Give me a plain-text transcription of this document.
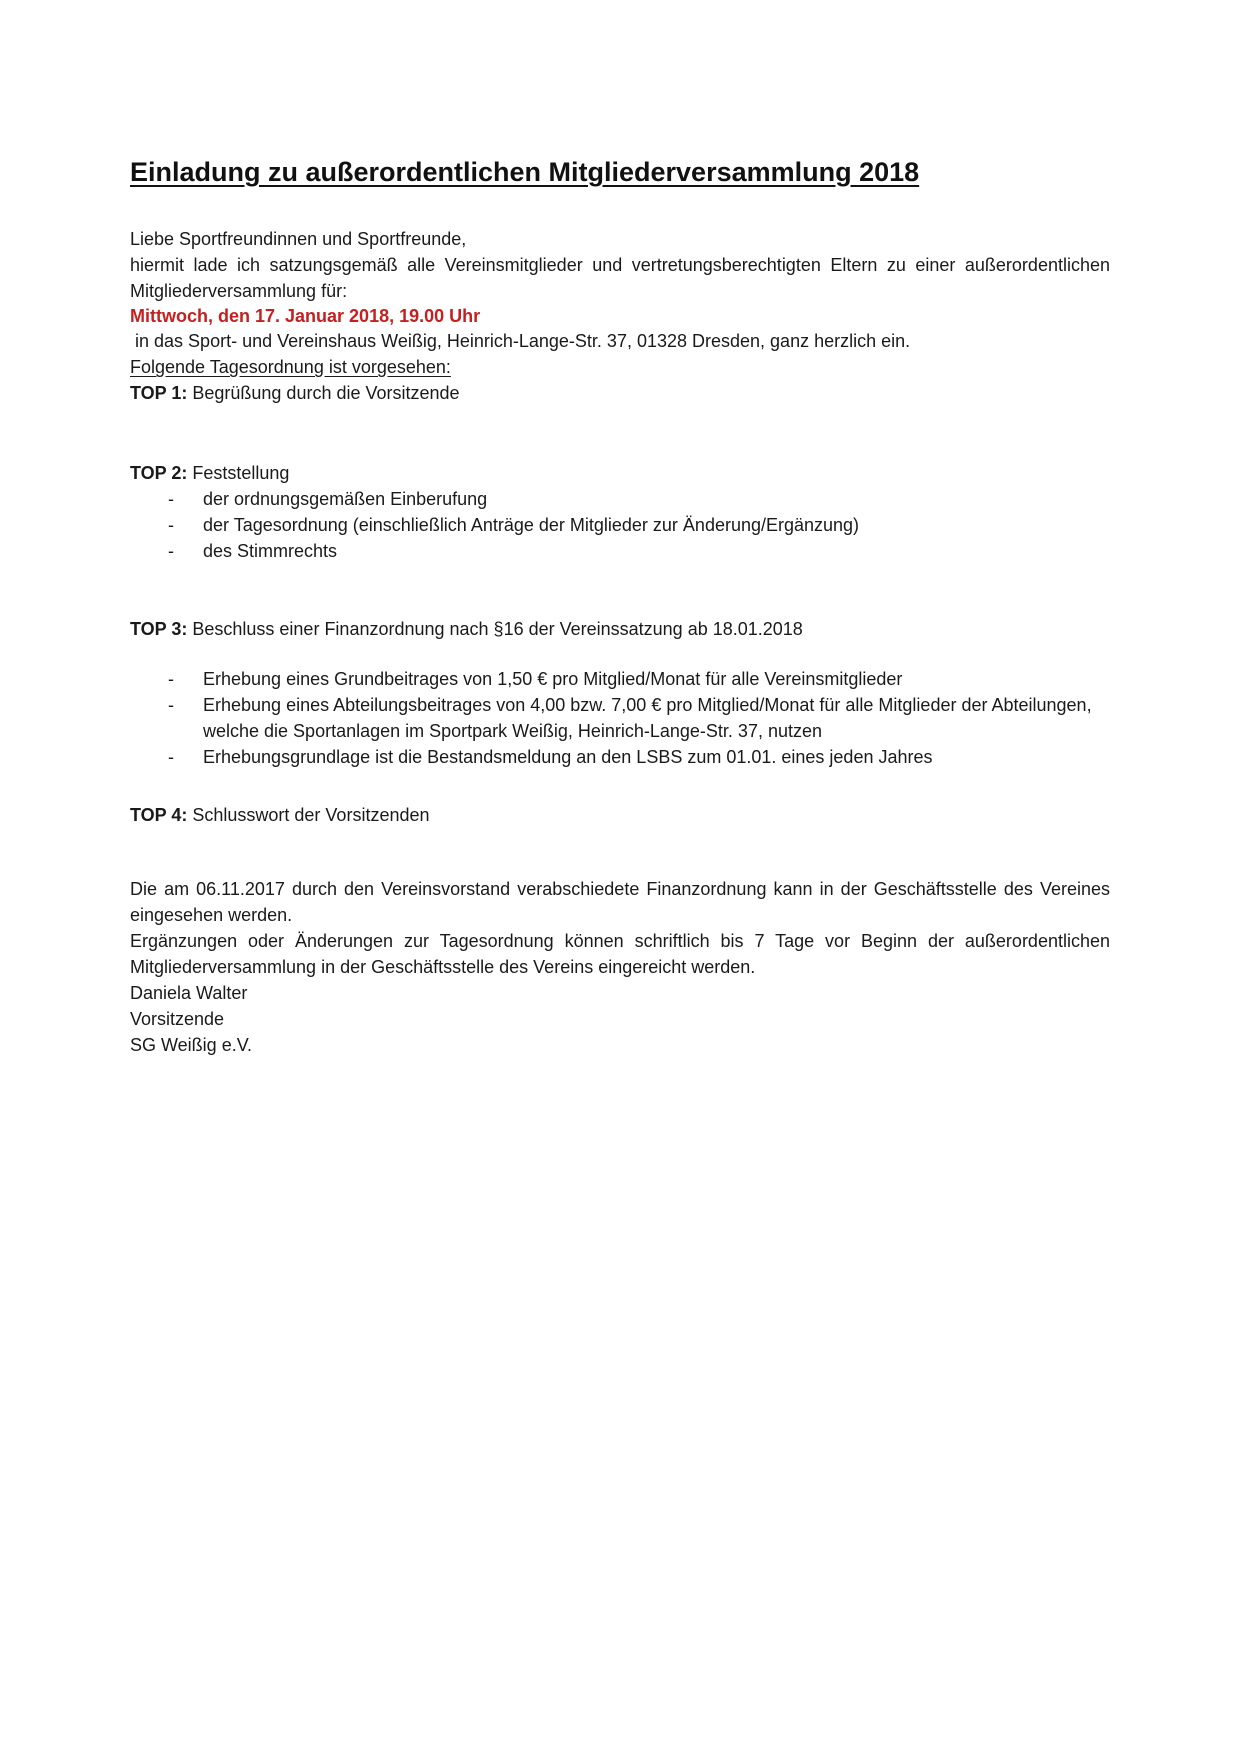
Einladung zu außerordentlichen Mitgliederversammlung 2018

Liebe Sportfreundinnen und Sportfreunde,

hiermit lade ich satzungsgemäß alle Vereinsmitglieder und vertretungsberechtigten Eltern zu einer außerordentlichen Mitgliederversammlung für:

Mittwoch, den 17. Januar 2018, 19.00 Uhr

in das Sport- und Vereinshaus Weißig, Heinrich-Lange-Str. 37, 01328 Dresden, ganz herzlich ein.

Folgende Tagesordnung ist vorgesehen:

TOP 1: Begrüßung durch die Vorsitzende

TOP 2: Feststellung

-	der ordnungsgemäßen Einberufung
-	der Tagesordnung (einschließlich Anträge der Mitglieder zur Änderung/Ergänzung)
-	des Stimmrechts

TOP 3: Beschluss einer Finanzordnung nach §16 der Vereinssatzung ab 18.01.2018

-	Erhebung eines Grundbeitrages von 1,50 € pro Mitglied/Monat für alle Vereinsmitglieder
-	Erhebung eines Abteilungsbeitrages von 4,00 bzw. 7,00 € pro Mitglied/Monat für alle Mitglieder der Abteilungen, welche die Sportanlagen im Sportpark Weißig, Heinrich-Lange-Str. 37, nutzen
-	Erhebungsgrundlage ist die Bestandsmeldung an den LSBS zum 01.01. eines jeden Jahres

TOP 4: Schlusswort der Vorsitzenden

Die am 06.11.2017 durch den Vereinsvorstand verabschiedete Finanzordnung kann in der Geschäftsstelle des Vereines eingesehen werden.

Ergänzungen oder Änderungen zur Tagesordnung können schriftlich bis 7 Tage vor Beginn der außerordentlichen Mitgliederversammlung in der Geschäftsstelle des Vereins eingereicht werden.

Daniela Walter

Vorsitzende

SG Weißig e.V.
